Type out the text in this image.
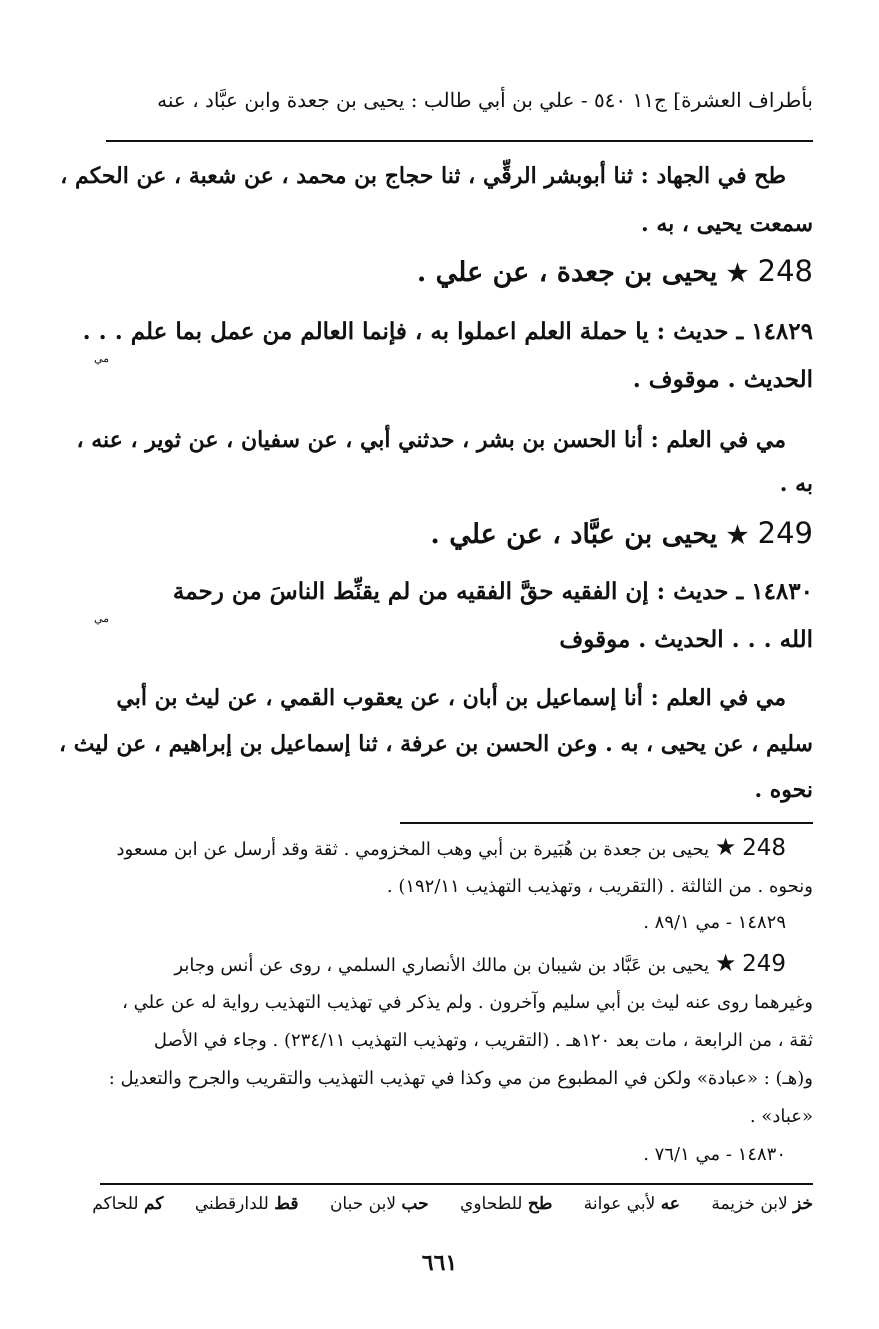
بأطراف العشرة] ج١١ ٥٤٠ - علي بن أبي طالب : يحيى بن جعدة وابن عبَّاد ، عنه
طح في الجهاد : ثنا أبوبشر الرقِّي ، ثنا حجاج بن محمد ، عن شعبة ، عن الحكم ،
سمعت يحيى ، به .
248 ★ يحيى بن جعدة ، عن علي .
١٤٨٢٩ ـ حديث : يا حملة العلم اعملوا به ، فإنما العالم من عمل بما علم . . .
مي
الحديث . موقوف .
مي في العلم : أنا الحسن بن بشر ، حدثني أبي ، عن سفيان ، عن ثوير ، عنه ،
به .
249 ★ يحيى بن عبَّاد ، عن علي .
١٤٨٣٠ ـ حديث : إن الفقيه حقَّ الفقيه من لم يقنِّط الناسَ من رحمة
مي
الله . . . الحديث . موقوف
مي في العلم : أنا إسماعيل بن أبان ، عن يعقوب القمي ، عن ليث بن أبي
سليم ، عن يحيى ، به . وعن الحسن بن عرفة ، ثنا إسماعيل بن إبراهيم ، عن ليث ،
نحوه .
248 ★ يحيى بن جعدة بن هُبَيرة بن أبي وهب المخزومي . ثقة وقد أرسل عن ابن مسعود
ونحوه . من الثالثة . (التقريب ، وتهذيب التهذيب ١٩٢/١١) .
١٤٨٢٩ - مي ٨٩/١ .
249 ★ يحيى بن عَبَّاد بن شيبان بن مالك الأنصاري السلمي ، روى عن أنس وجابر
وغيرهما روى عنه ليث بن أبي سليم وآخرون . ولم يذكر في تهذيب التهذيب رواية له عن علي ،
ثقة ، من الرابعة ، مات بعد ١٢٠هـ . (التقريب ، وتهذيب التهذيب ٢٣٤/١١) . وجاء في الأصل
و(هـ) : «عبادة» ولكن في المطبوع من مي وكذا في تهذيب التهذيب والتقريب والجرح والتعديل :
«عباد» .
١٤٨٣٠ - مي ٧٦/١ .
خز لابن خزيمة عه لأبي عوانة طح للطحاوي حب لابن حبان قط للدارقطني كم للحاكم
٦٦١
